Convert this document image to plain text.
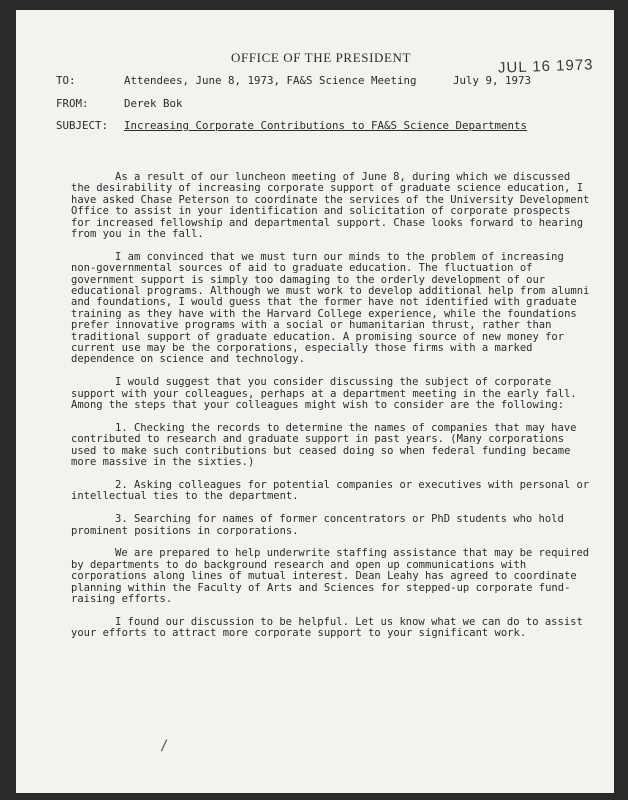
JUL 16 1973
OFFICE OF THE PRESIDENT
TO:	Attendees, June 8, 1973, FA&S Science Meeting	July 9, 1973
FROM:	Derek Bok
SUBJECT: Increasing Corporate Contributions to FA&S Science Departments

As a result of our luncheon meeting of June 8, during which we discussed the desirability of increasing corporate support of graduate science education, I have asked Chase Peterson to coordinate the services of the University Development Office to assist in your identification and solicitation of corporate prospects for increased fellowship and departmental support. Chase looks forward to hearing from you in the fall.

I am convinced that we must turn our minds to the problem of increasing non-governmental sources of aid to graduate education. The fluctuation of government support is simply too damaging to the orderly development of our educational programs. Although we must work to develop additional help from alumni and foundations, I would guess that the former have not identified with graduate training as they have with the Harvard College experience, while the foundations prefer innovative programs with a social or humanitarian thrust, rather than traditional support of graduate education. A promising source of new money for current use may be the corporations, especially those firms with a marked dependence on science and technology.

I would suggest that you consider discussing the subject of corporate support with your colleagues, perhaps at a department meeting in the early fall. Among the steps that your colleagues might wish to consider are the following:

1. Checking the records to determine the names of companies that may have contributed to research and graduate support in past years. (Many corporations used to make such contributions but ceased doing so when federal funding became more massive in the sixties.)

2. Asking colleagues for potential companies or executives with personal or intellectual ties to the department.

3. Searching for names of former concentrators or PhD students who hold prominent positions in corporations.

We are prepared to help underwrite staffing assistance that may be required by departments to do background research and open up communications with corporations along lines of mutual interest. Dean Leahy has agreed to coordinate planning within the Faculty of Arts and Sciences for stepped-up corporate fund-raising efforts.

I found our discussion to be helpful. Let us know what we can do to assist your efforts to attract more corporate support to your significant work.

/
